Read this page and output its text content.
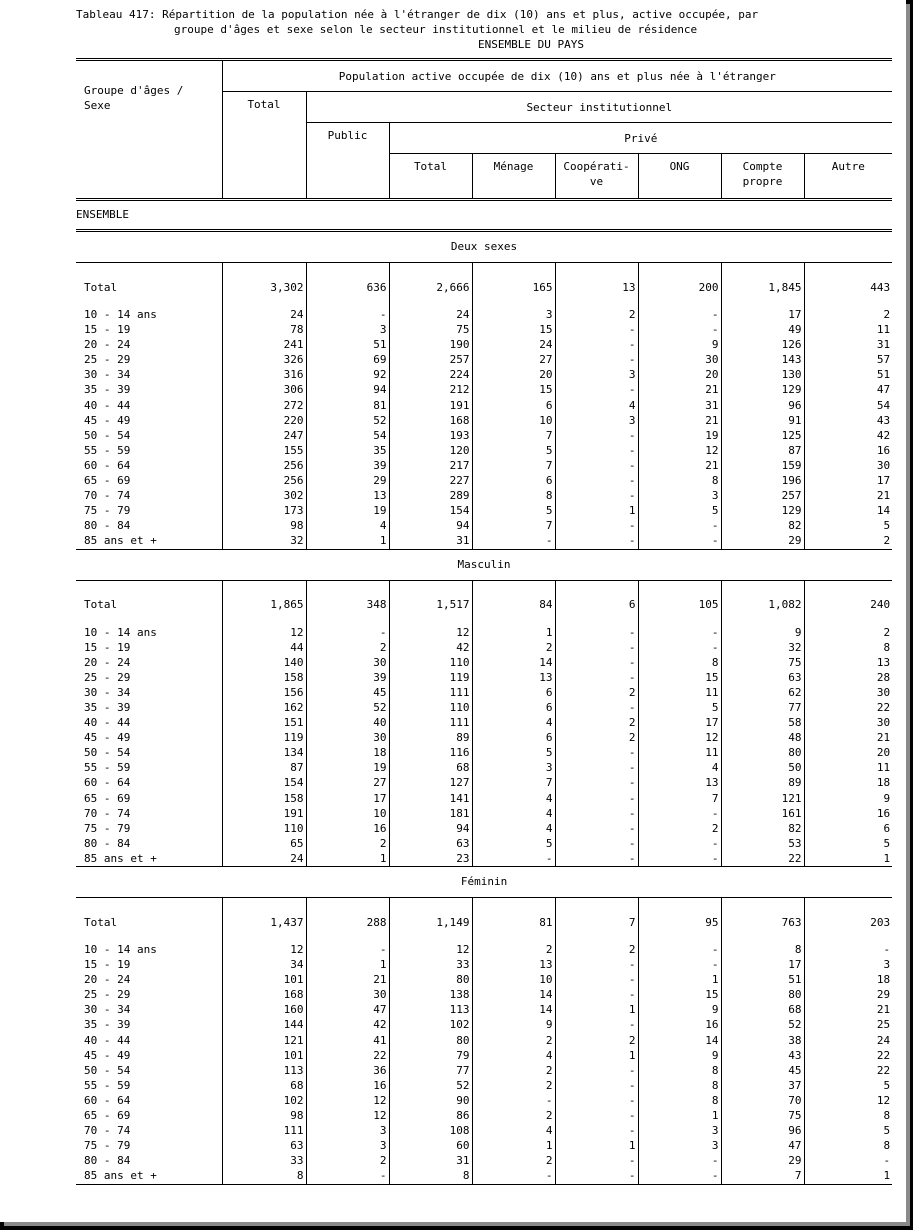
Tableau 417: Répartition de la population née à l'étranger de dix (10) ans et plus, active occupée, par
groupe d'âges et sexe selon le secteur institutionnel et le milieu de résidence
ENSEMBLE DU PAYS
Groupe d'âges / Sexe	Population active occupée de dix (10) ans et plus née à l'étranger							
	Total	Secteur institutionnel						
		Public	Privé					
			Total	Ménage	Coopérati-ve	ONG	Compte propre	Autre
ENSEMBLE								
Deux sexes								

Total	3,302	636	2,666	165	13	200	1,845	443

10 - 14 ans	24	-	24	3	2	-	17	2
15 - 19	78	3	75	15	-	-	49	11
20 - 24	241	51	190	24	-	9	126	31
25 - 29	326	69	257	27	-	30	143	57
30 - 34	316	92	224	20	3	20	130	51
35 - 39	306	94	212	15	-	21	129	47
40 - 44	272	81	191	6	4	31	96	54
45 - 49	220	52	168	10	3	21	91	43
50 - 54	247	54	193	7	-	19	125	42
55 - 59	155	35	120	5	-	12	87	16
60 - 64	256	39	217	7	-	21	159	30
65 - 69	256	29	227	6	-	8	196	17
70 - 74	302	13	289	8	-	3	257	21
75 - 79	173	19	154	5	1	5	129	14
80 - 84	98	4	94	7	-	-	82	5
85 ans et +	32	1	31	-	-	-	29	2
Masculin								

Total	1,865	348	1,517	84	6	105	1,082	240

10 - 14 ans	12	-	12	1	-	-	9	2
15 - 19	44	2	42	2	-	-	32	8
20 - 24	140	30	110	14	-	8	75	13
25 - 29	158	39	119	13	-	15	63	28
30 - 34	156	45	111	6	2	11	62	30
35 - 39	162	52	110	6	-	5	77	22
40 - 44	151	40	111	4	2	17	58	30
45 - 49	119	30	89	6	2	12	48	21
50 - 54	134	18	116	5	-	11	80	20
55 - 59	87	19	68	3	-	4	50	11
60 - 64	154	27	127	7	-	13	89	18
65 - 69	158	17	141	4	-	7	121	9
70 - 74	191	10	181	4	-	-	161	16
75 - 79	110	16	94	4	-	2	82	6
80 - 84	65	2	63	5	-	-	53	5
85 ans et +	24	1	23	-	-	-	22	1
Féminin								

Total	1,437	288	1,149	81	7	95	763	203

10 - 14 ans	12	-	12	2	2	-	8	-
15 - 19	34	1	33	13	-	-	17	3
20 - 24	101	21	80	10	-	1	51	18
25 - 29	168	30	138	14	-	15	80	29
30 - 34	160	47	113	14	1	9	68	21
35 - 39	144	42	102	9	-	16	52	25
40 - 44	121	41	80	2	2	14	38	24
45 - 49	101	22	79	4	1	9	43	22
50 - 54	113	36	77	2	-	8	45	22
55 - 59	68	16	52	2	-	8	37	5
60 - 64	102	12	90	-	-	8	70	12
65 - 69	98	12	86	2	-	1	75	8
70 - 74	111	3	108	4	-	3	96	5
75 - 79	63	3	60	1	1	3	47	8
80 - 84	33	2	31	2	-	-	29	-
85 ans et +	8	-	8	-	-	-	7	1
